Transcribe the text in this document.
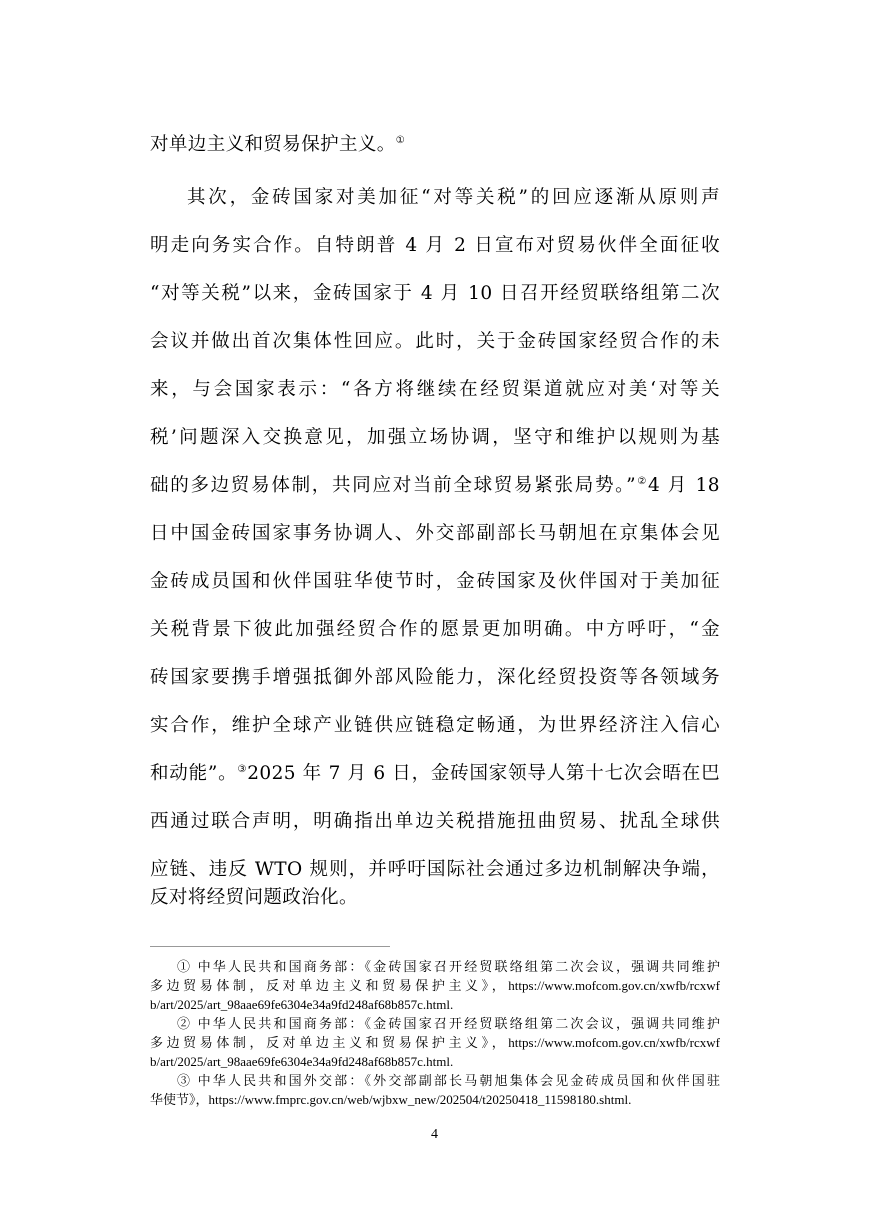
对单边主义和贸易保护主义。①
其次，金砖国家对美加征“对等关税”的回应逐渐从原则声
明走向务实合作。自特朗普 4 月 2 日宣布对贸易伙伴全面征收
“对等关税”以来，金砖国家于 4 月 10 日召开经贸联络组第二次
会议并做出首次集体性回应。此时，关于金砖国家经贸合作的未
来，与会国家表示：“各方将继续在经贸渠道就应对美‘对等关
税’问题深入交换意见，加强立场协调，坚守和维护以规则为基
础的多边贸易体制，共同应对当前全球贸易紧张局势。”②4 月 18
日中国金砖国家事务协调人、外交部副部长马朝旭在京集体会见
金砖成员国和伙伴国驻华使节时，金砖国家及伙伴国对于美加征
关税背景下彼此加强经贸合作的愿景更加明确。中方呼吁，“金
砖国家要携手增强抵御外部风险能力，深化经贸投资等各领域务
实合作，维护全球产业链供应链稳定畅通，为世界经济注入信心
和动能”。③2025 年 7 月 6 日，金砖国家领导人第十七次会晤在巴
西通过联合声明，明确指出单边关税措施扭曲贸易、扰乱全球供
应链、违反 WTO 规则，并呼吁国际社会通过多边机制解决争端，
反对将经贸问题政治化。
① 中华人民共和国商务部：《金砖国家召开经贸联络组第二次会议，强调共同维护
多边贸易体制，反对单边主义和贸易保护主义》，https://www.mofcom.gov.cn/xwfb/rcxwf
b/art/2025/art_98aae69fe6304e34a9fd248af68b857c.html.
② 中华人民共和国商务部：《金砖国家召开经贸联络组第二次会议，强调共同维护
多边贸易体制，反对单边主义和贸易保护主义》，https://www.mofcom.gov.cn/xwfb/rcxwf
b/art/2025/art_98aae69fe6304e34a9fd248af68b857c.html.
③ 中华人民共和国外交部：《外交部副部长马朝旭集体会见金砖成员国和伙伴国驻
华使节》，https://www.fmprc.gov.cn/web/wjbxw_new/202504/t20250418_11598180.shtml.
4
